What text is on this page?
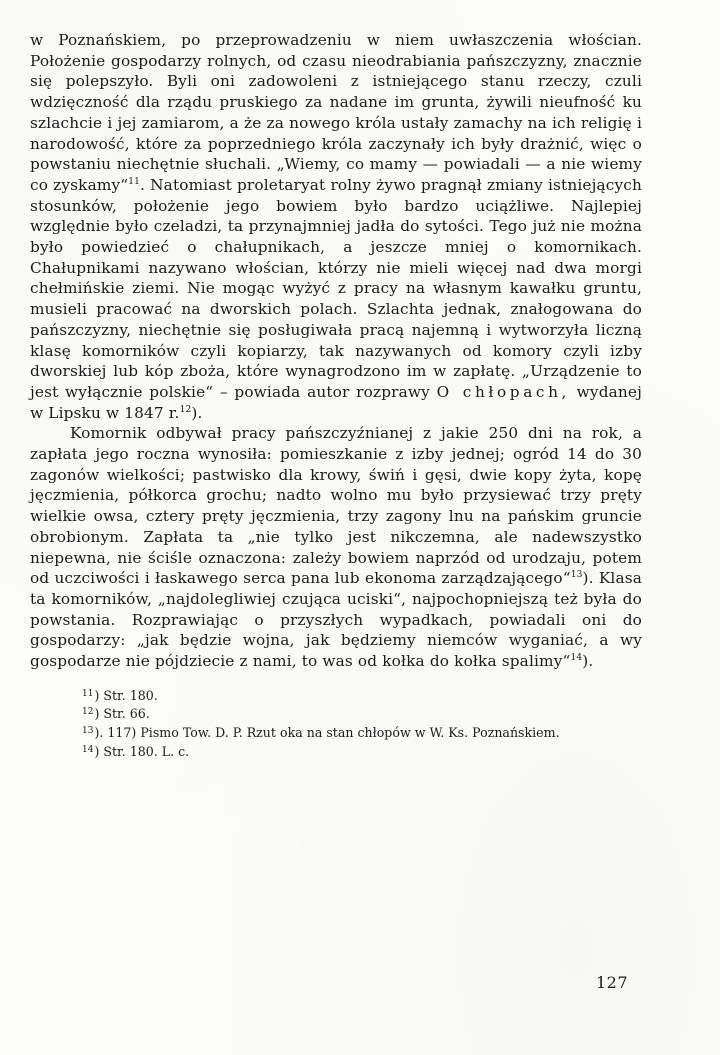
w Poznańskiem, po przeprowadzeniu w niem uwłaszczenia włościan. Położenie gospodarzy rolnych, od czasu nieodrabiania pańszczyzny, znacznie się polepszyło. Byli oni zadowoleni z istniejącego stanu rzeczy, czuli wdzięczność dla rządu pruskiego za nadane im grunta, żywili nieufność ku szlachcie i jej zamiarom, a że za nowego króla ustały zamachy na ich religię i narodowość, które za poprzedniego króla zaczynały ich były drażnić, więc o powstaniu niechętnie słuchali. „Wiemy, co mamy — powiadali — a nie wiemy co zyskamy“$^{11}$. Natomiast proletaryat rolny żywo pragnął zmiany istniejących stosunków, położenie jego bowiem było bardzo uciążliwe. Najlepiej względnie było czeladzi, ta przynajmniej jadła do sytości. Tego już nie można było powiedzieć o chałupnikach, a jeszcze mniej o komornikach. Chałupnikami nazywano włościan, którzy nie mieli więcej nad dwa morgi chełmińskie ziemi. Nie mogąc wyżyć z pracy na własnym kawałku gruntu, musieli pracować na dworskich polach. Szlachta jednak, znałogowana do pańszczyzny, niechętnie się posługiwała pracą najemną i wytworzyła liczną klasę komorników czyli kopiarzy, tak nazywanych od komory czyli izby dworskiej lub kóp zboża, które wynagrodzono im w zapłatę. „Urządzenie to jest wyłącznie polskie“ – powiada autor rozprawy O chłopach, wydanej w Lipsku w 1847 r.$^{12}$).

Komornik odbywał pracy pańszczyźnianej z jakie 250 dni na rok, a zapłata jego roczna wynosiła: pomieszkanie z izby jednej; ogród 14 do 30 zagonów wielkości; pastwisko dla krowy, świń i gęsi, dwie kopy żyta, kopę jęczmienia, półkorca grochu; nadto wolno mu było przysiewać trzy pręty wielkie owsa, cztery pręty jęczmienia, trzy zagony lnu na pańskim gruncie obrobionym. Zapłata ta „nie tylko jest nikczemna, ale nadewszystko niepewna, nie ściśle oznaczona: zależy bowiem naprzód od urodzaju, potem od uczciwości i łaskawego serca pana lub ekonoma zarządzającego“$^{13}$). Klasa ta komorników, „najdolegliwiej czująca uciski“, najpochopniejszą też była do powstania. Rozprawiając o przyszłych wypadkach, powiadali oni do gospodarzy: „jak będzie wojna, jak będziemy niemców wyganiać, a wy gospodarze nie pójdziecie z nami, to was od kołka do kołka spalimy“$^{14}$).

$^{11}$) Str. 180.

$^{12}$) Str. 66.

$^{13}$). 117) Pismo Tow. D. P. Rzut oka na stan chłopów w W. Ks. Poznańskiem.

$^{14}$) Str. 180. L. c.

127
